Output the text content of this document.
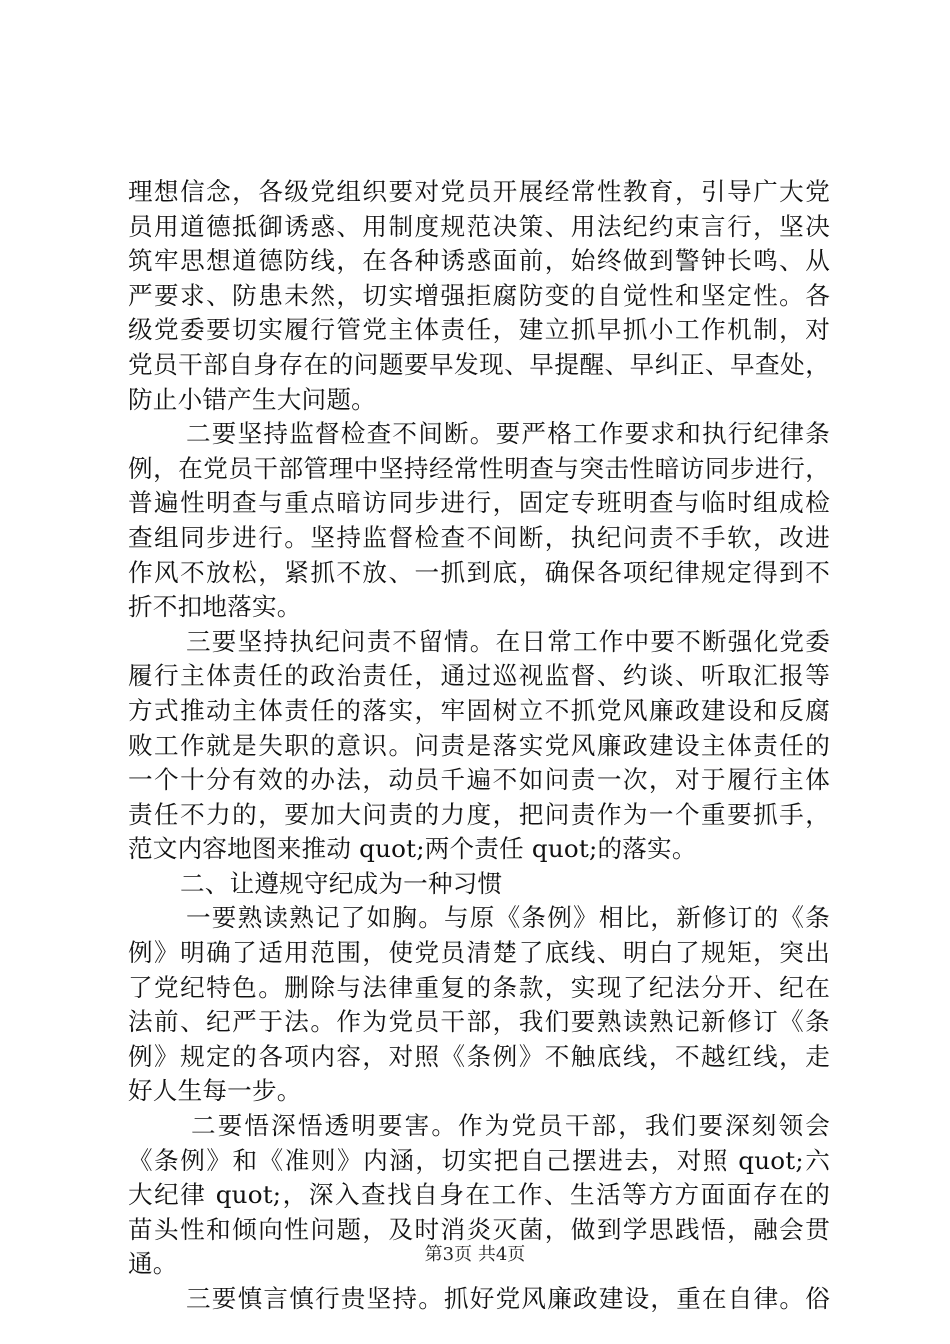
理想信念，各级党组织要对党员开展经常性教育，引导广大党
员用道德抵御诱惑、用制度规范决策、用法纪约束言行，坚决
筑牢思想道德防线，在各种诱惑面前，始终做到警钟长鸣、从
严要求、防患未然，切实增强拒腐防变的自觉性和坚定性。各
级党委要切实履行管党主体责任，建立抓早抓小工作机制，对
党员干部自身存在的问题要早发现、早提醒、早纠正、早查处，
防止小错产生大问题。
二要坚持监督检查不间断。要严格工作要求和执行纪律条
例，在党员干部管理中坚持经常性明查与突击性暗访同步进行，
普遍性明查与重点暗访同步进行，固定专班明查与临时组成检
查组同步进行。坚持监督检查不间断，执纪问责不手软，改进
作风不放松，紧抓不放、一抓到底，确保各项纪律规定得到不
折不扣地落实。
三要坚持执纪问责不留情。在日常工作中要不断强化党委
履行主体责任的政治责任，通过巡视监督、约谈、听取汇报等
方式推动主体责任的落实，牢固树立不抓党风廉政建设和反腐
败工作就是失职的意识。问责是落实党风廉政建设主体责任的
一个十分有效的办法，动员千遍不如问责一次，对于履行主体
责任不力的，要加大问责的力度，把问责作为一个重要抓手，
范文内容地图来推动 quot;两个责任 quot;的落实。
二、让遵规守纪成为一种习惯
一要熟读熟记了如胸。与原《条例》相比，新修订的《条
例》明确了适用范围，使党员清楚了底线、明白了规矩，突出
了党纪特色。删除与法律重复的条款，实现了纪法分开、纪在
法前、纪严于法。作为党员干部，我们要熟读熟记新修订《条
例》规定的各项内容，对照《条例》不触底线，不越红线，走
好人生每一步。
二要悟深悟透明要害。作为党员干部，我们要深刻领会
《条例》和《准则》内涵，切实把自己摆进去，对照 quot;六
大纪律 quot;，深入查找自身在工作、生活等方方面面存在的
苗头性和倾向性问题，及时消炎灭菌，做到学思践悟，融会贯
通。
三要慎言慎行贵坚持。抓好党风廉政建设，重在自律。俗
第3页 共4页
